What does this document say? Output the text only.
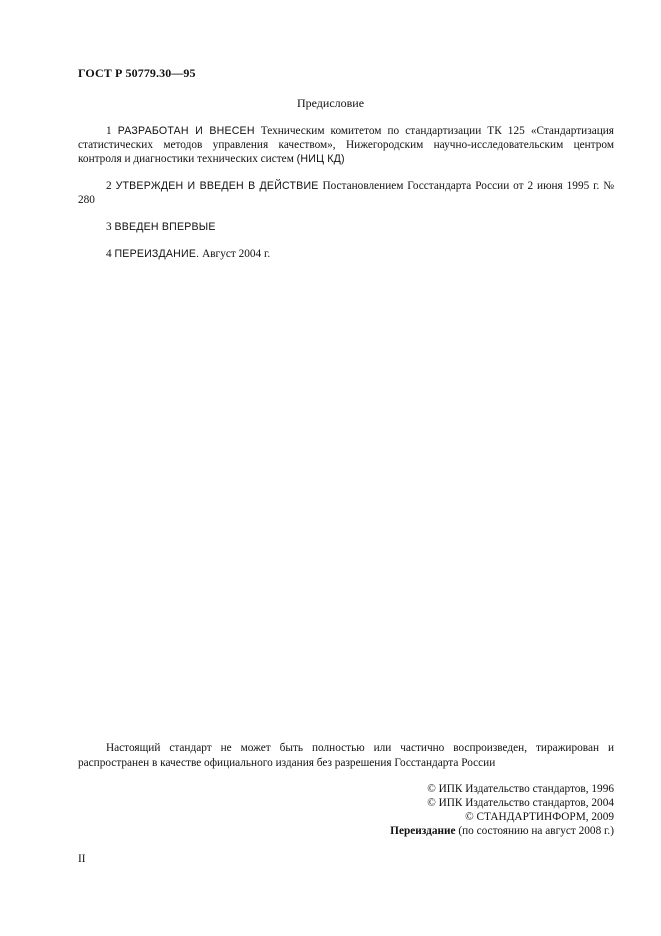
ГОСТ Р 50779.30—95
Предисловие

1 РАЗРАБОТАН И ВНЕСЕН Техническим комитетом по стандартизации ТК 125 «Стандартизация статистических методов управления качеством», Нижегородским научно-исследовательским центром контроля и диагностики технических систем (НИЦ КД)

2 УТВЕРЖДЕН И ВВЕДЕН В ДЕЙСТВИЕ Постановлением Госстандарта России от 2 июня 1995 г. № 280

3 ВВЕДЕН ВПЕРВЫЕ

4 ПЕРЕИЗДАНИЕ. Август 2004 г.

Настоящий стандарт не может быть полностью или частично воспроизведен, тиражирован и распространен в качестве официального издания без разрешения Госстандарта России
© ИПК Издательство стандартов, 1996
© ИПК Издательство стандартов, 2004
© СТАНДАРТИНФОРМ, 2009
Переиздание (по состоянию на август 2008 г.)
II
